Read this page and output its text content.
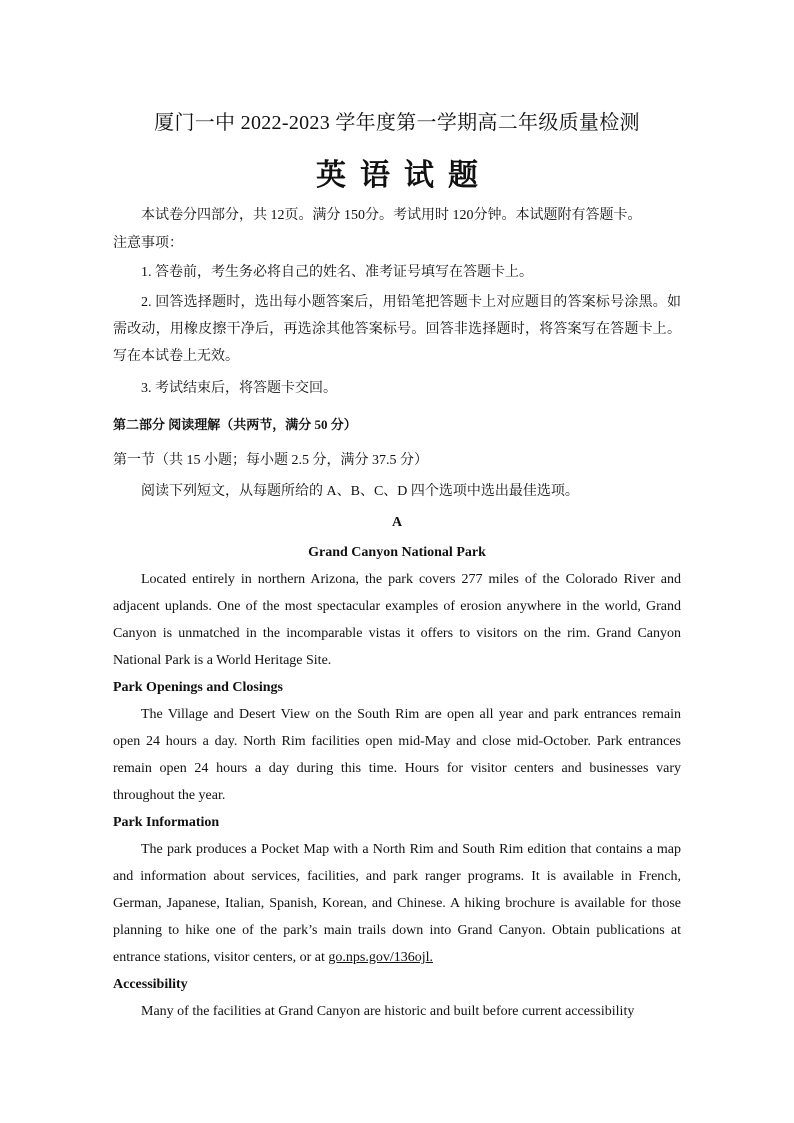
厦门一中 2022-2023 学年度第一学期高二年级质量检测
英语试题
本试卷分四部分，共 12页。满分 150分。考试用时 120分钟。本试题附有答题卡。
注意事项：
1. 答卷前，考生务必将自己的姓名、准考证号填写在答题卡上。
2. 回答选择题时，选出每小题答案后，用铅笔把答题卡上对应题目的答案标号涂黑。如需改动，用橡皮擦干净后，再选涂其他答案标号。回答非选择题时，将答案写在答题卡上。写在本试卷上无效。
3. 考试结束后，将答题卡交回。
第二部分 阅读理解（共两节，满分 50 分）
第一节（共 15 小题；每小题 2.5 分，满分 37.5 分）
阅读下列短文，从每题所给的 A、B、C、D 四个选项中选出最佳选项。
A
Grand Canyon National Park
Located entirely in northern Arizona, the park covers 277 miles of the Colorado River and adjacent uplands. One of the most spectacular examples of erosion anywhere in the world, Grand Canyon is unmatched in the incomparable vistas it offers to visitors on the rim. Grand Canyon National Park is a World Heritage Site.
Park Openings and Closings
The Village and Desert View on the South Rim are open all year and park entrances remain open 24 hours a day. North Rim facilities open mid-May and close mid-October. Park entrances remain open 24 hours a day during this time. Hours for visitor centers and businesses vary throughout the year.
Park Information
The park produces a Pocket Map with a North Rim and South Rim edition that contains a map and information about services, facilities, and park ranger programs. It is available in French, German, Japanese, Italian, Spanish, Korean, and Chinese. A hiking brochure is available for those planning to hike one of the park’s main trails down into Grand Canyon. Obtain publications at entrance stations, visitor centers, or at go.nps.gov/136ojl.
Accessibility
Many of the facilities at Grand Canyon are historic and built before current accessibility
